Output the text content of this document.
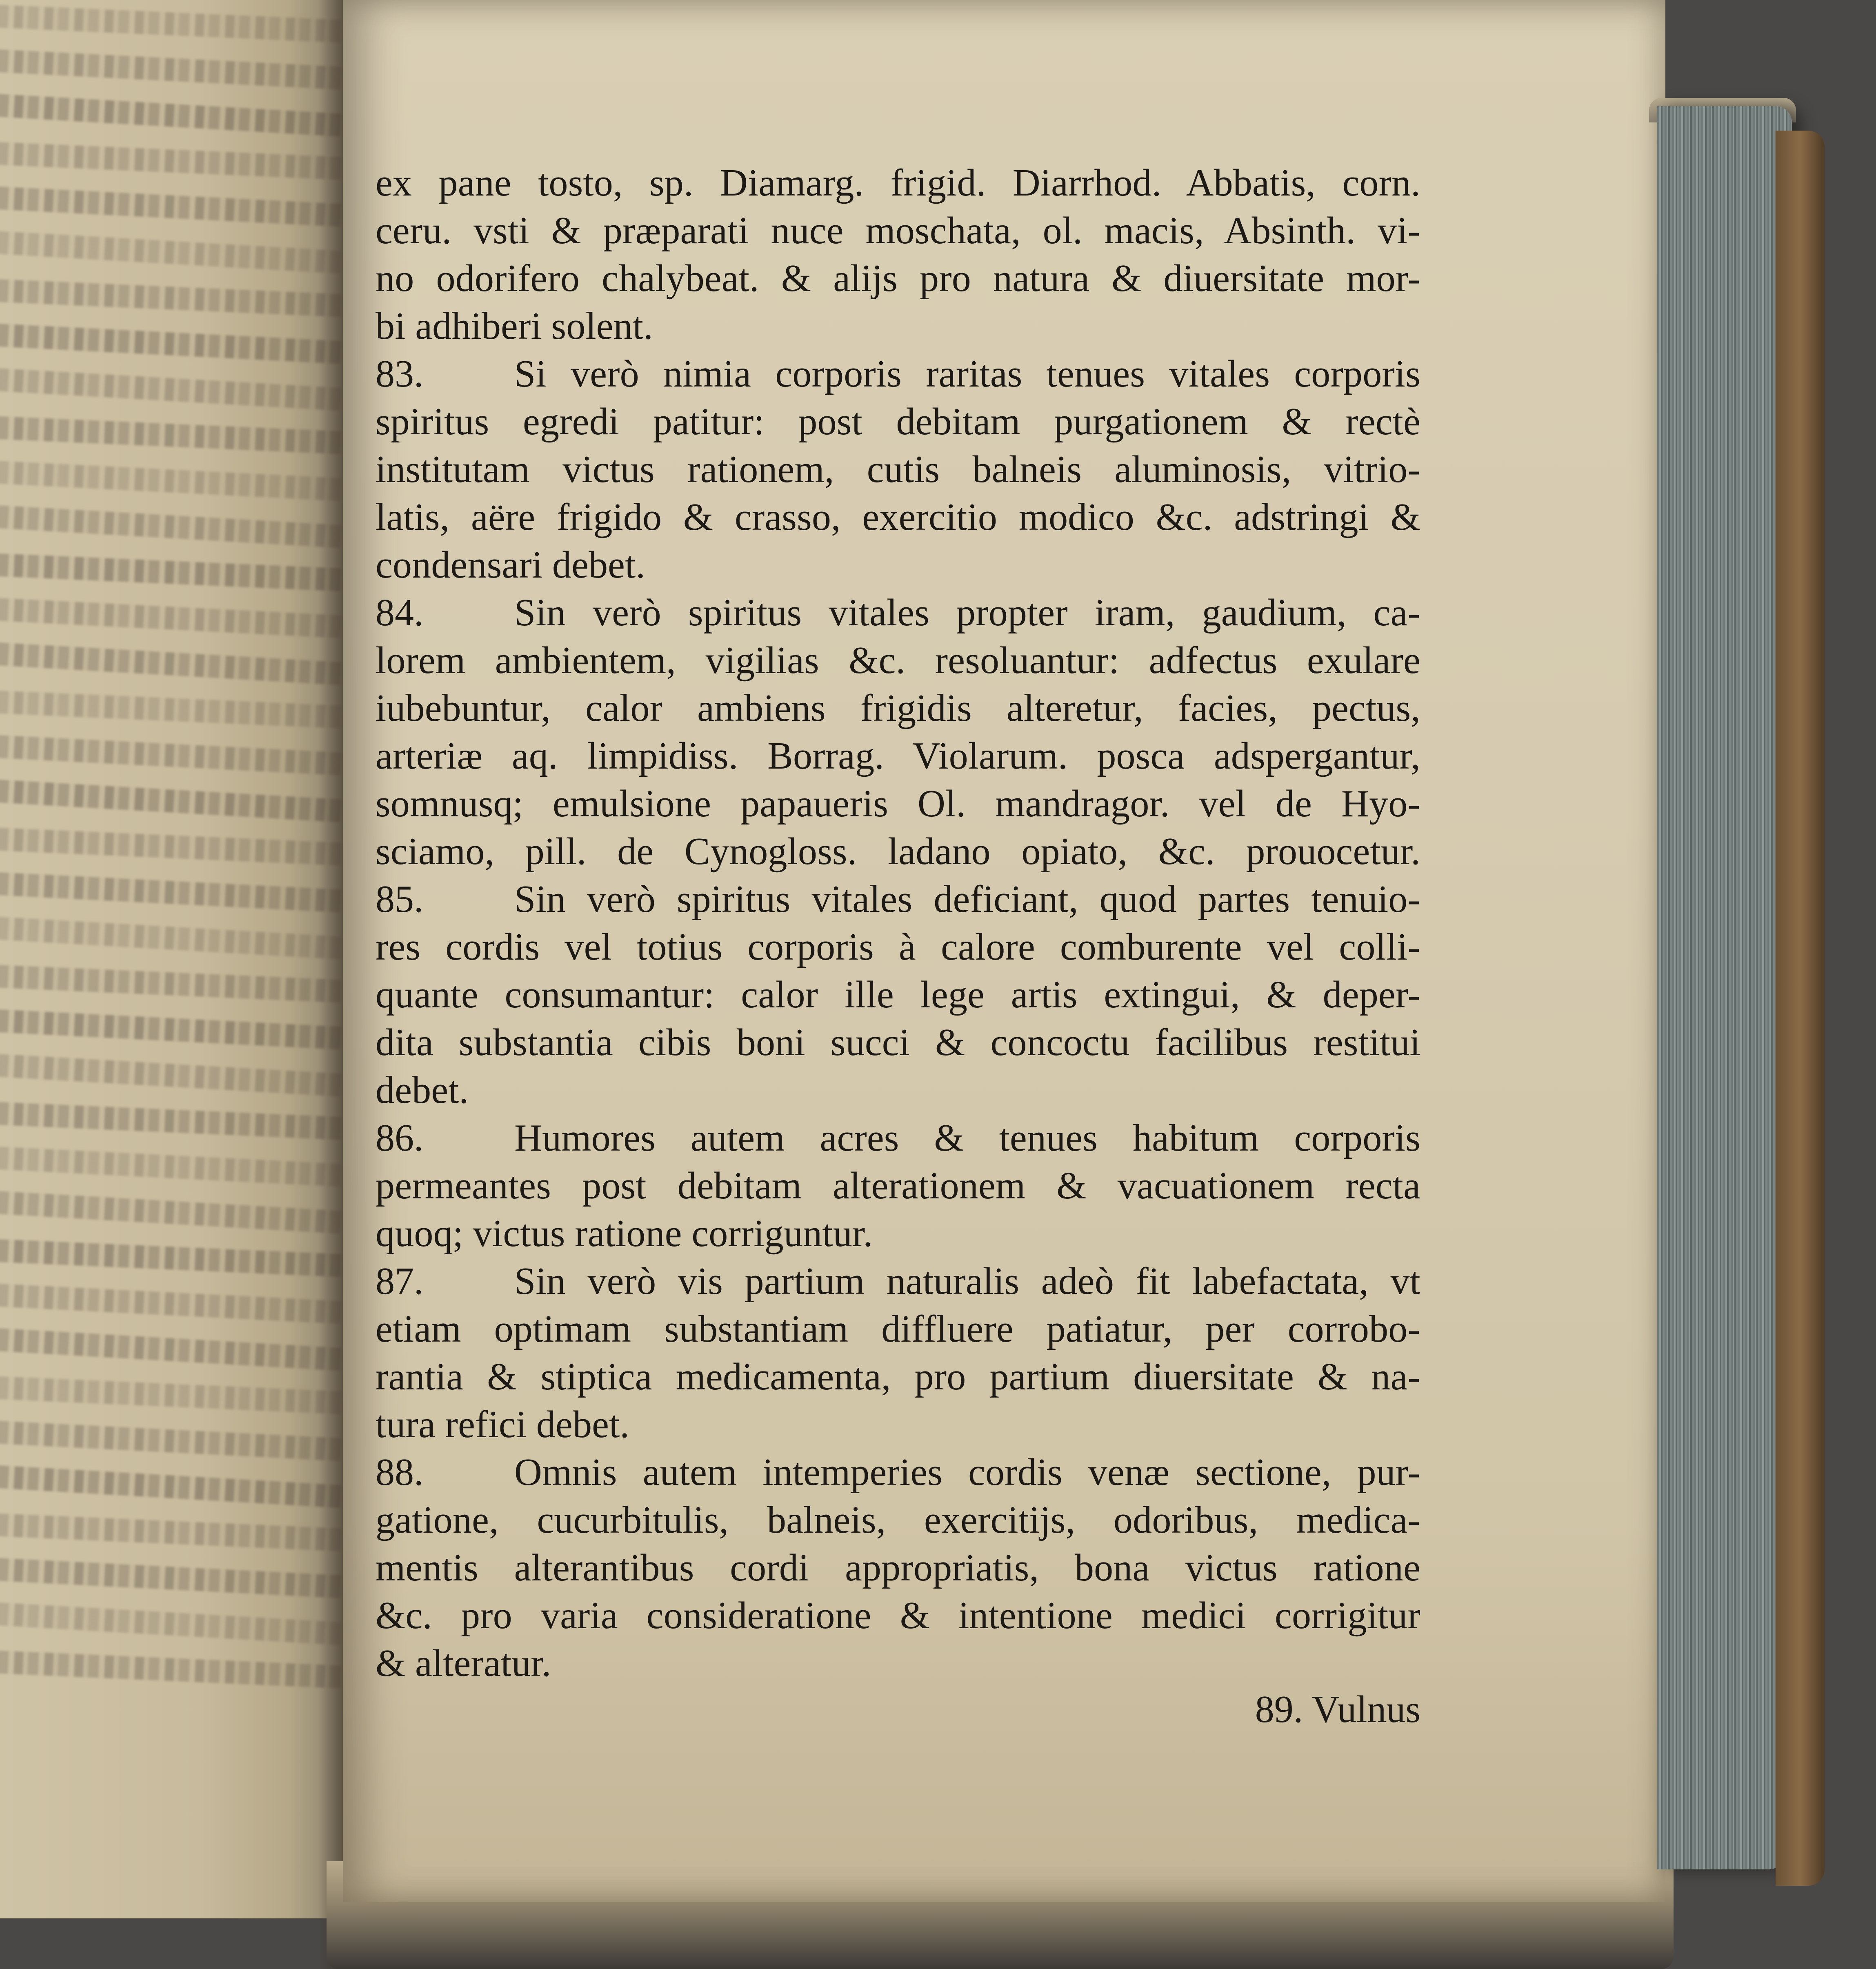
ex pane tosto, sp. Diamarg. frigid. Diarrhod. Abbatis, corn.
ceru. vsti & præparati nuce moschata, ol. macis, Absinth. vi-
no odorifero chalybeat. & alijs pro natura & diuersitate mor-
bi adhiberi solent.
83.	Si verò nimia corporis raritas tenues vitales corporis
spiritus egredi patitur: post debitam purgationem & rectè
institutam victus rationem, cutis balneis aluminosis, vitrio-
latis, aëre frigido & crasso, exercitio modico &c. adstringi &
condensari debet.
84.	Sin verò spiritus vitales propter iram, gaudium, ca-
lorem ambientem, vigilias &c. resoluantur: adfectus exulare
iubebuntur, calor ambiens frigidis alteretur, facies, pectus,
arteriæ aq. limpidiss. Borrag. Violarum. posca adspergantur,
somnusq; emulsione papaueris Ol. mandragor. vel de Hyo-
sciamo, pill. de Cynogloss. ladano opiato, &c. prouocetur.
85.	Sin verò spiritus vitales deficiant, quod partes tenuio-
res cordis vel totius corporis à calore comburente vel colli-
quante consumantur: calor ille lege artis extingui, & deper-
dita substantia cibis boni succi & concoctu facilibus restitui
debet.
86.	Humores autem acres & tenues habitum corporis
permeantes post debitam alterationem & vacuationem recta
quoq; victus ratione corriguntur.
87.	Sin verò vis partium naturalis adeò fit labefactata, vt
etiam optimam substantiam diffluere patiatur, per corrobo-
rantia & stiptica medicamenta, pro partium diuersitate & na-
tura refici debet.
88.	Omnis autem intemperies cordis venæ sectione, pur-
gatione, cucurbitulis, balneis, exercitijs, odoribus, medica-
mentis alterantibus cordi appropriatis, bona victus ratione
&c. pro varia consideratione & intentione medici corrigitur
& alteratur.
89. Vulnus
